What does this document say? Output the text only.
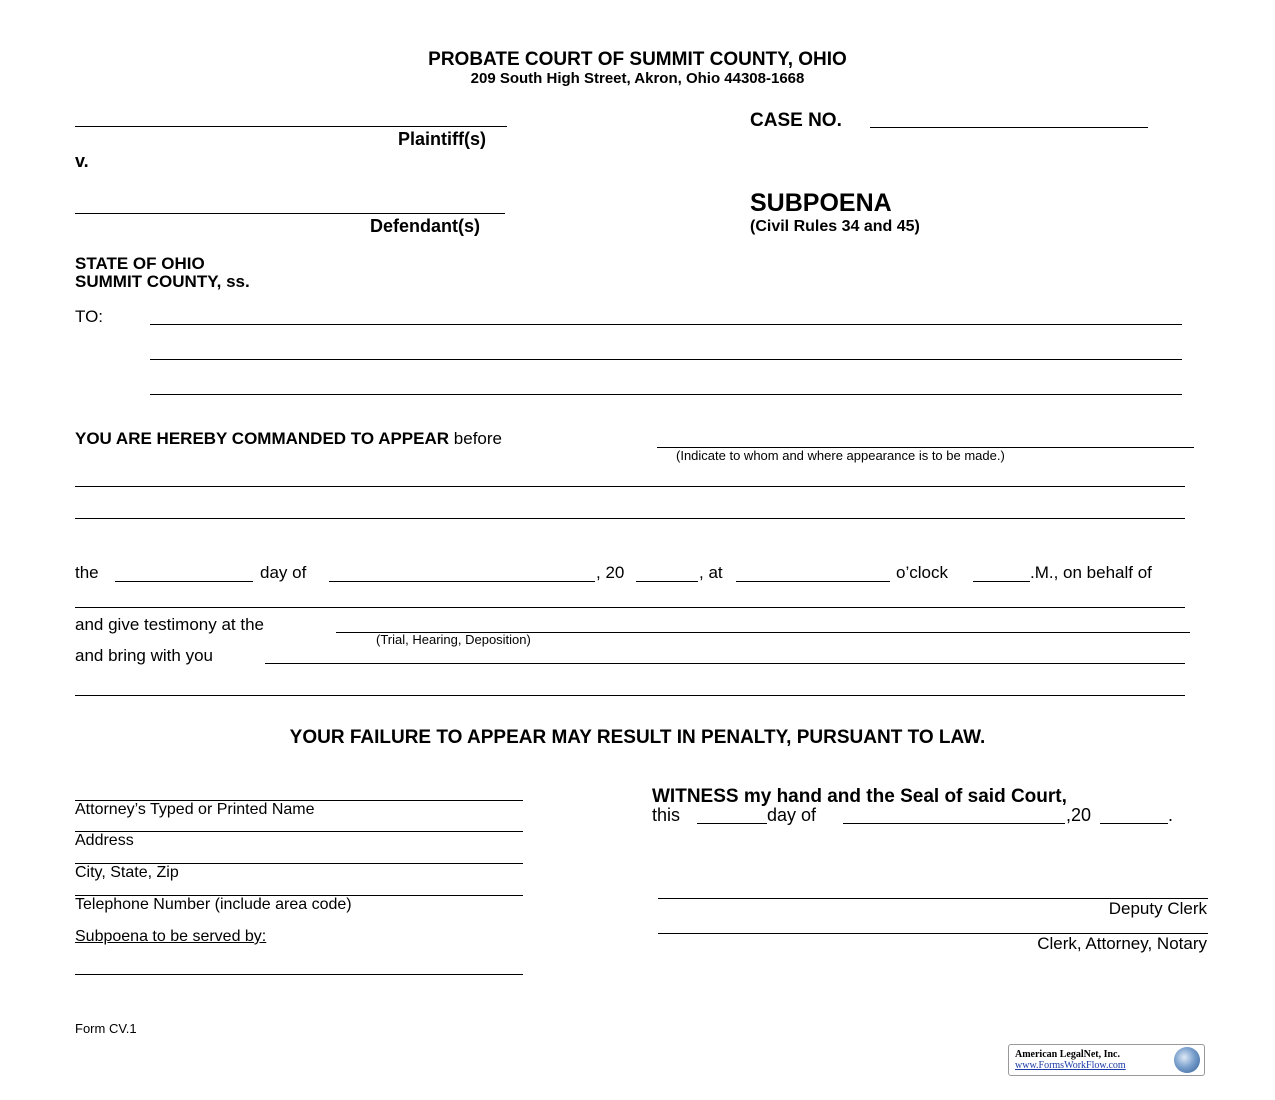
PROBATE COURT OF SUMMIT COUNTY, OHIO
209 South High Street, Akron, Ohio 44308-1668
Plaintiff(s)
v.
Defendant(s)
CASE NO.
SUBPOENA
(Civil Rules 34 and 45)
STATE OF OHIO
SUMMIT COUNTY, ss.
TO:
YOU ARE HEREBY COMMANDED TO APPEAR before
(Indicate to whom and where appearance is to be made.)
the	day of	, 20	, at	o’clock	.M., on behalf of
and give testimony at the
(Trial, Hearing, Deposition)
and bring with you
YOUR FAILURE TO APPEAR MAY RESULT IN PENALTY, PURSUANT TO LAW.
Attorney’s Typed or Printed Name
Address
City, State, Zip
Telephone Number (include area code)
Subpoena to be served by:
WITNESS my hand and the Seal of said Court,
this	day of	,20	.
Deputy Clerk
Clerk, Attorney, Notary
Form CV.1
American LegalNet, Inc.
www.FormsWorkFlow.com
